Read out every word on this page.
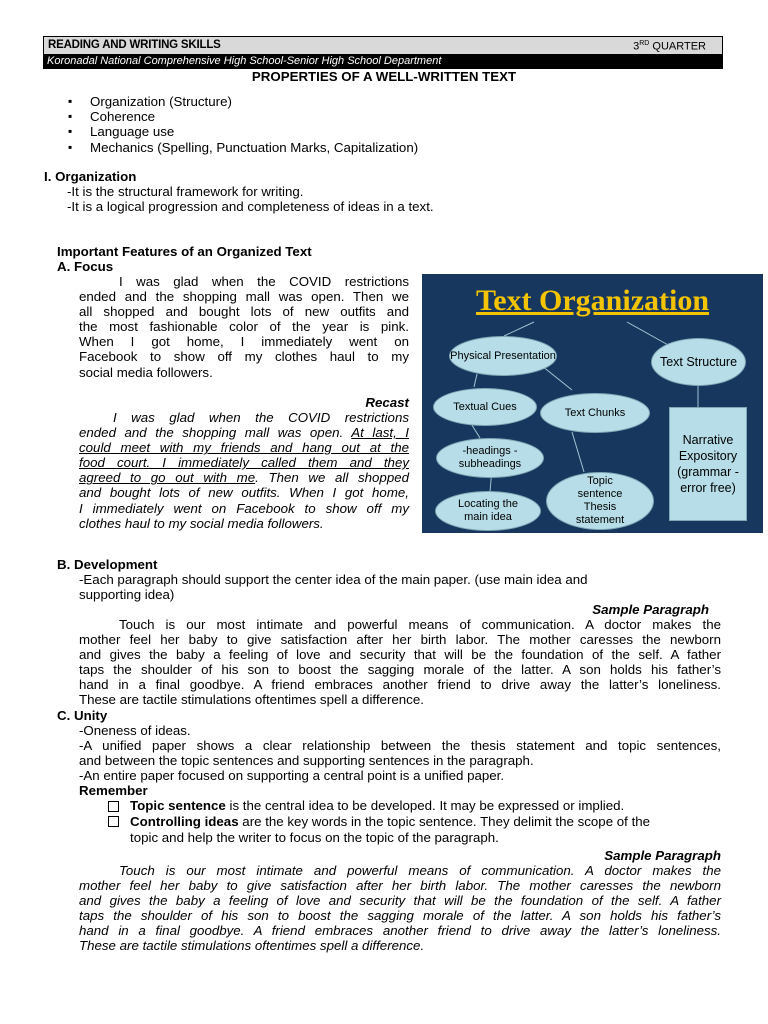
READING AND WRITING SKILLS	3RD QUARTER
Koronadal National Comprehensive High School-Senior High School Department
PROPERTIES OF A WELL-WRITTEN TEXT
▪ Organization (Structure)
▪ Coherence
▪ Language use
▪ Mechanics (Spelling, Punctuation Marks, Capitalization)
I. Organization
-It is the structural framework for writing.
-It is a logical progression and completeness of ideas in a text.
Important Features of an Organized Text
A. Focus
I was glad when the COVID restrictions
ended and the shopping mall was open. Then we
all shopped and bought lots of new outfits and
the most fashionable color of the year is pink.
When I got home, I immediately went on
Facebook to show off my clothes haul to my
social media followers.
Recast
I was glad when the COVID restrictions
ended and the shopping mall was open. At last, I
could meet with my friends and hang out at the
food court. I immediately called them and they
agreed to go out with me. Then we all shopped
and bought lots of new outfits. When I got home,
I immediately went on Facebook to show off my
clothes haul to my social media followers.
Text Organization
Physical Presentation	Text Structure
Textual Cues	Text Chunks
Narrative Expository (grammar - error free)
-headings -subheadings
Locating the main idea
Topic sentence Thesis statement
B. Development
-Each paragraph should support the center idea of the main paper. (use main idea and
supporting idea)
Sample Paragraph
Touch is our most intimate and powerful means of communication. A doctor makes the
mother feel her baby to give satisfaction after her birth labor. The mother caresses the newborn
and gives the baby a feeling of love and security that will be the foundation of the self. A father
taps the shoulder of his son to boost the sagging morale of the latter. A son holds his father’s
hand in a final goodbye. A friend embraces another friend to drive away the latter’s loneliness.
These are tactile stimulations oftentimes spell a difference.
C. Unity
-Oneness of ideas.
-A unified paper shows a clear relationship between the thesis statement and topic sentences,
and between the topic sentences and supporting sentences in the paragraph.
-An entire paper focused on supporting a central point is a unified paper.
Remember
Topic sentence is the central idea to be developed. It may be expressed or implied.
Controlling ideas are the key words in the topic sentence. They delimit the scope of the
topic and help the writer to focus on the topic of the paragraph.
Sample Paragraph
Touch is our most intimate and powerful means of communication. A doctor makes the
mother feel her baby to give satisfaction after her birth labor. The mother caresses the newborn
and gives the baby a feeling of love and security that will be the foundation of the self. A father
taps the shoulder of his son to boost the sagging morale of the latter. A son holds his father’s
hand in a final goodbye. A friend embraces another friend to drive away the latter’s loneliness.
These are tactile stimulations oftentimes spell a difference.
